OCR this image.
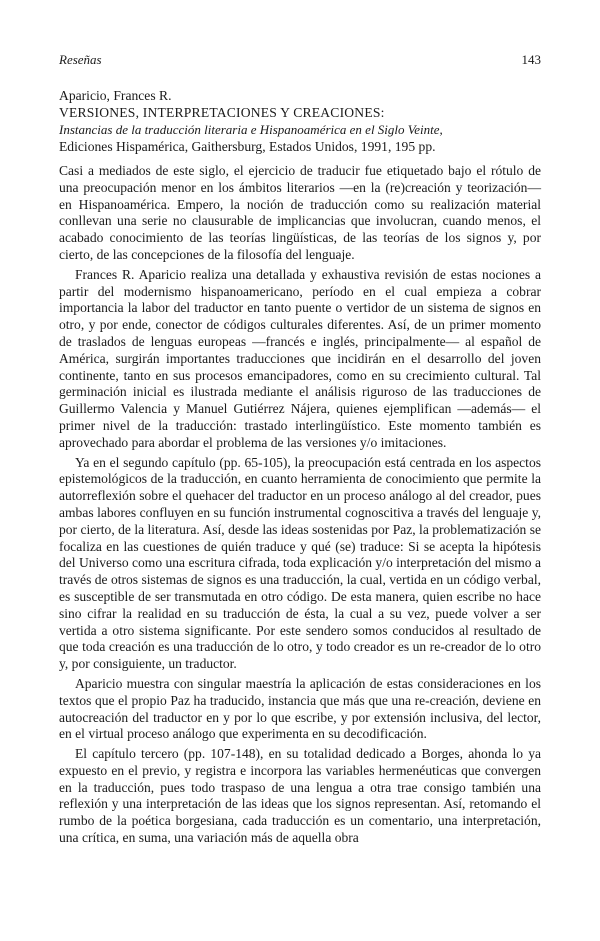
Reseñas	143
Aparicio, Frances R.
VERSIONES, INTERPRETACIONES Y CREACIONES:
Instancias de la traducción literaria e Hispanoamérica en el Siglo Veinte,
Ediciones Hispamérica, Gaithersburg, Estados Unidos, 1991, 195 pp.

Casi a mediados de este siglo, el ejercicio de traducir fue etiquetado bajo el rótulo de una preocupación menor en los ámbitos literarios —en la (re)creación y teorización— en Hispanoamérica. Empero, la noción de traducción como su realización material conllevan una serie no clausurable de implicancias que involucran, cuando menos, el acabado conocimiento de las teorías lingüísticas, de las teorías de los signos y, por cierto, de las concepciones de la filosofía del lenguaje.

Frances R. Aparicio realiza una detallada y exhaustiva revisión de estas nociones a partir del modernismo hispanoamericano, período en el cual empieza a cobrar importancia la labor del traductor en tanto puente o vertidor de un sistema de signos en otro, y por ende, conector de códigos culturales diferentes. Así, de un primer momento de traslados de lenguas europeas —francés e inglés, principalmente— al español de América, surgirán importantes traducciones que incidirán en el desarrollo del joven continente, tanto en sus procesos emancipadores, como en su crecimiento cultural. Tal germinación inicial es ilustrada mediante el análisis riguroso de las traducciones de Guillermo Valencia y Manuel Gutiérrez Nájera, quienes ejemplifican —además— el primer nivel de la traducción: trastado interlingüístico. Este momento también es aprovechado para abordar el problema de las versiones y/o imitaciones.

Ya en el segundo capítulo (pp. 65-105), la preocupación está centrada en los aspectos epistemológicos de la traducción, en cuanto herramienta de conocimiento que permite la autorreflexión sobre el quehacer del traductor en un proceso análogo al del creador, pues ambas labores confluyen en su función instrumental cognoscitiva a través del lenguaje y, por cierto, de la literatura. Así, desde las ideas sostenidas por Paz, la problematización se focaliza en las cuestiones de quién traduce y qué (se) traduce: Si se acepta la hipótesis del Universo como una escritura cifrada, toda explicación y/o interpretación del mismo a través de otros sistemas de signos es una traducción, la cual, vertida en un código verbal, es susceptible de ser transmutada en otro código. De esta manera, quien escribe no hace sino cifrar la realidad en su traducción de ésta, la cual a su vez, puede volver a ser vertida a otro sistema significante. Por este sendero somos conducidos al resultado de que toda creación es una traducción de lo otro, y todo creador es un re-creador de lo otro y, por consiguiente, un traductor.

Aparicio muestra con singular maestría la aplicación de estas consideraciones en los textos que el propio Paz ha traducido, instancia que más que una re-creación, deviene en autocreación del traductor en y por lo que escribe, y por extensión inclusiva, del lector, en el virtual proceso análogo que experimenta en su decodificación.

El capítulo tercero (pp. 107-148), en su totalidad dedicado a Borges, ahonda lo ya expuesto en el previo, y registra e incorpora las variables hermenéuticas que convergen en la traducción, pues todo traspaso de una lengua a otra trae consigo también una reflexión y una interpretación de las ideas que los signos representan. Así, retomando el rumbo de la poética borgesiana, cada traducción es un comentario, una interpretación, una crítica, en suma, una variación más de aquella obra
